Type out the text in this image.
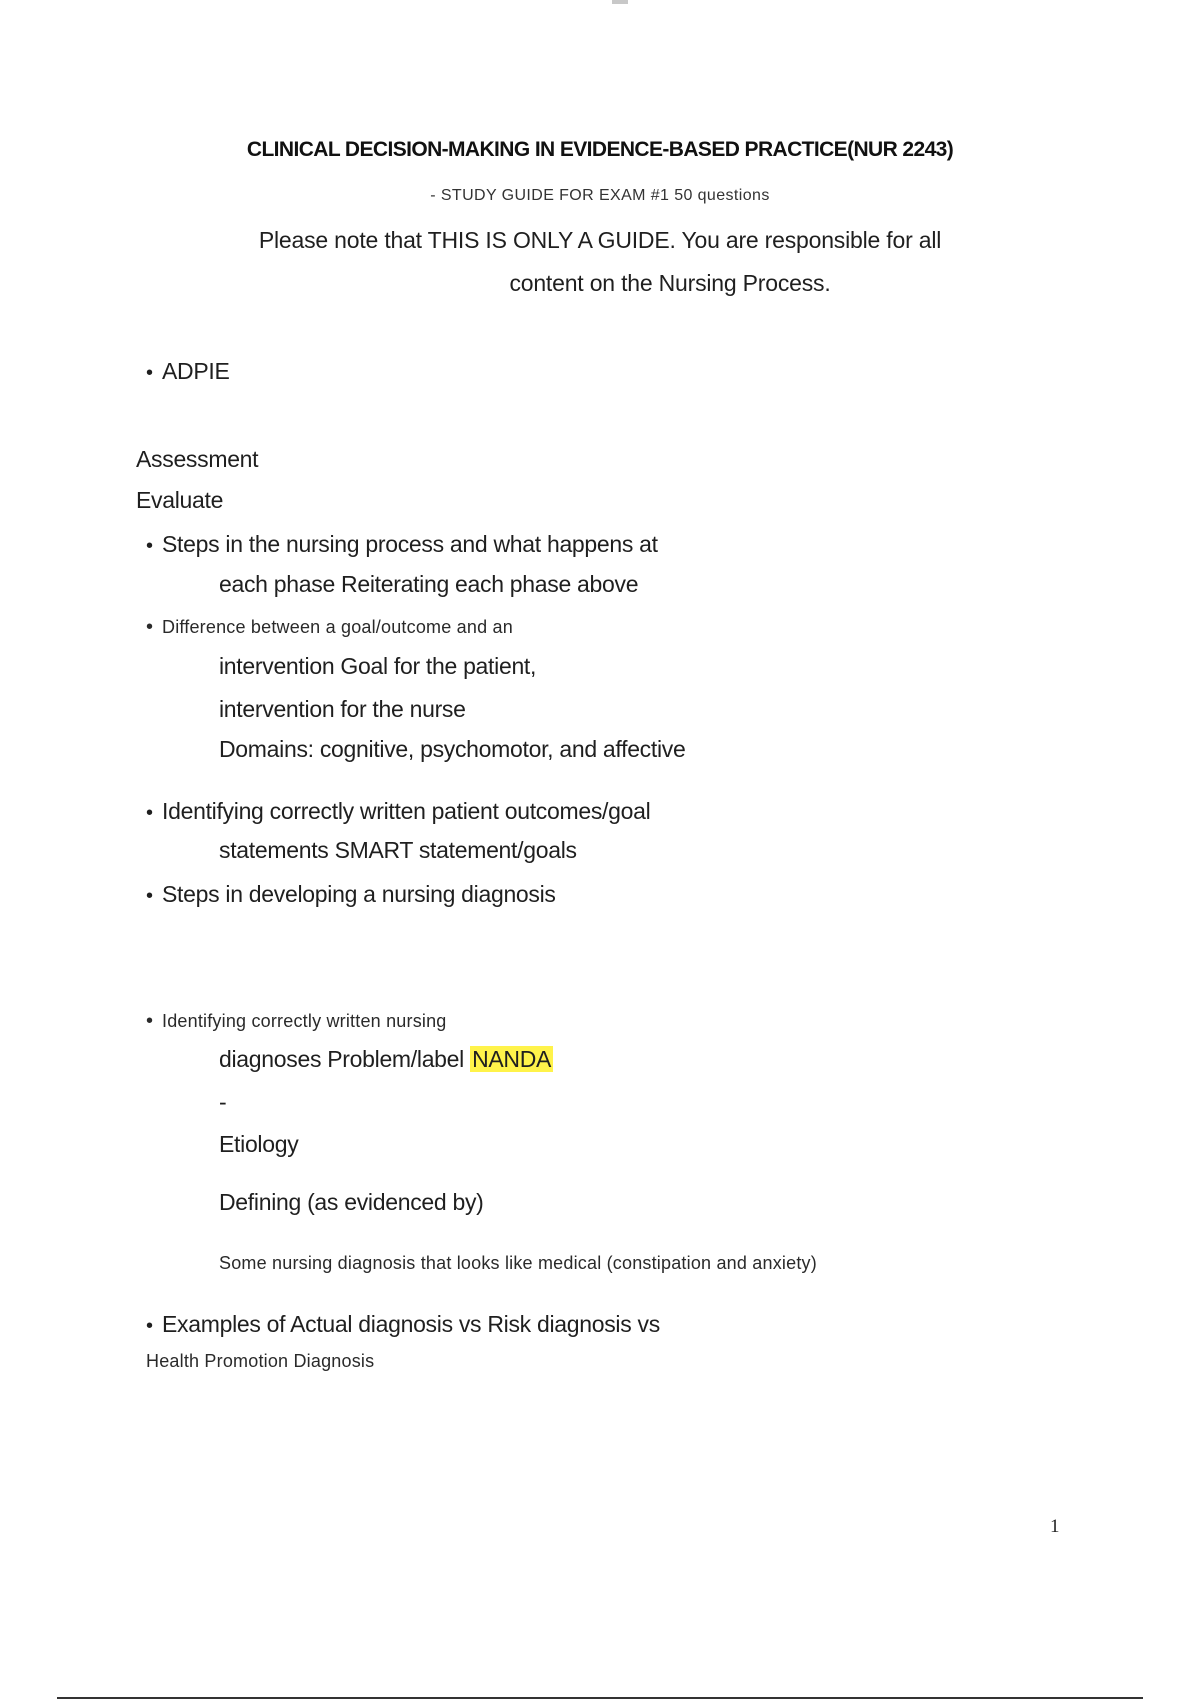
CLINICAL DECISION-MAKING IN EVIDENCE-BASED PRACTICE(NUR 2243)
- STUDY GUIDE FOR EXAM #1 50 questions
Please note that THIS IS ONLY A GUIDE. You are responsible for all
content on the Nursing Process.
• ADPIE
Assessment
Evaluate
• Steps in the nursing process and what happens at
each phase Reiterating each phase above
• Difference between a goal/outcome and an
intervention Goal for the patient,
intervention for the nurse
Domains: cognitive, psychomotor, and affective
• Identifying correctly written patient outcomes/goal
statements SMART statement/goals
• Steps in developing a nursing diagnosis
• Identifying correctly written nursing
diagnoses Problem/label NANDA
-
Etiology
Defining (as evidenced by)
Some nursing diagnosis that looks like medical (constipation and anxiety)
• Examples of Actual diagnosis vs Risk diagnosis vs
Health Promotion Diagnosis
1
